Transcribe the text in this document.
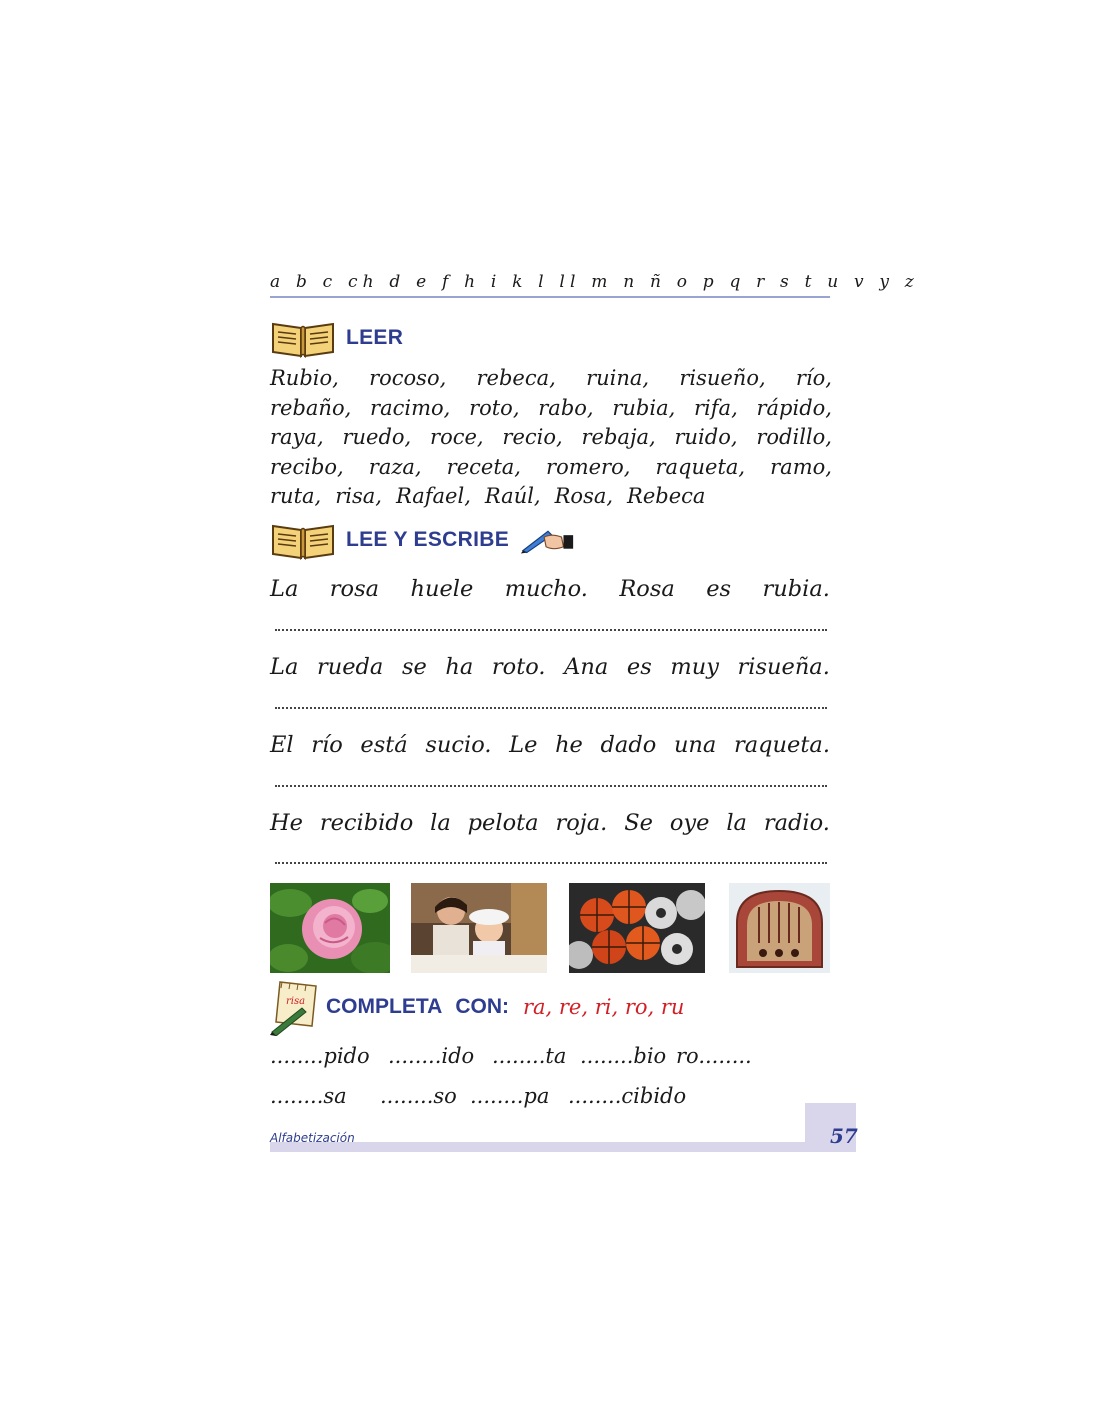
a b c ch d e f h i k l ll m n ñ o p q r s t u v y z
LEER
Rubio, rocoso, rebeca, ruina, risueño, río,
rebaño, racimo, roto, rabo, rubia, rifa, rápido,
raya, ruedo, roce, recio, rebaja, ruido, rodillo,
recibo, raza, receta, romero, raqueta, ramo,
ruta, risa, Rafael, Raúl, Rosa, Rebeca
LEE Y ESCRIBE
La rosa huele mucho. Rosa es rubia.
La rueda se ha roto. Ana es muy risueña.
El río está sucio. Le he dado una raqueta.
He recibido la pelota roja. Se oye la radio.
risa COMPLETA CON: ra, re, ri, ro, ru
........pido ........ido ........ta ........bio ro........
........sa ........so ........pa ........cibido
Alfabetización	57
